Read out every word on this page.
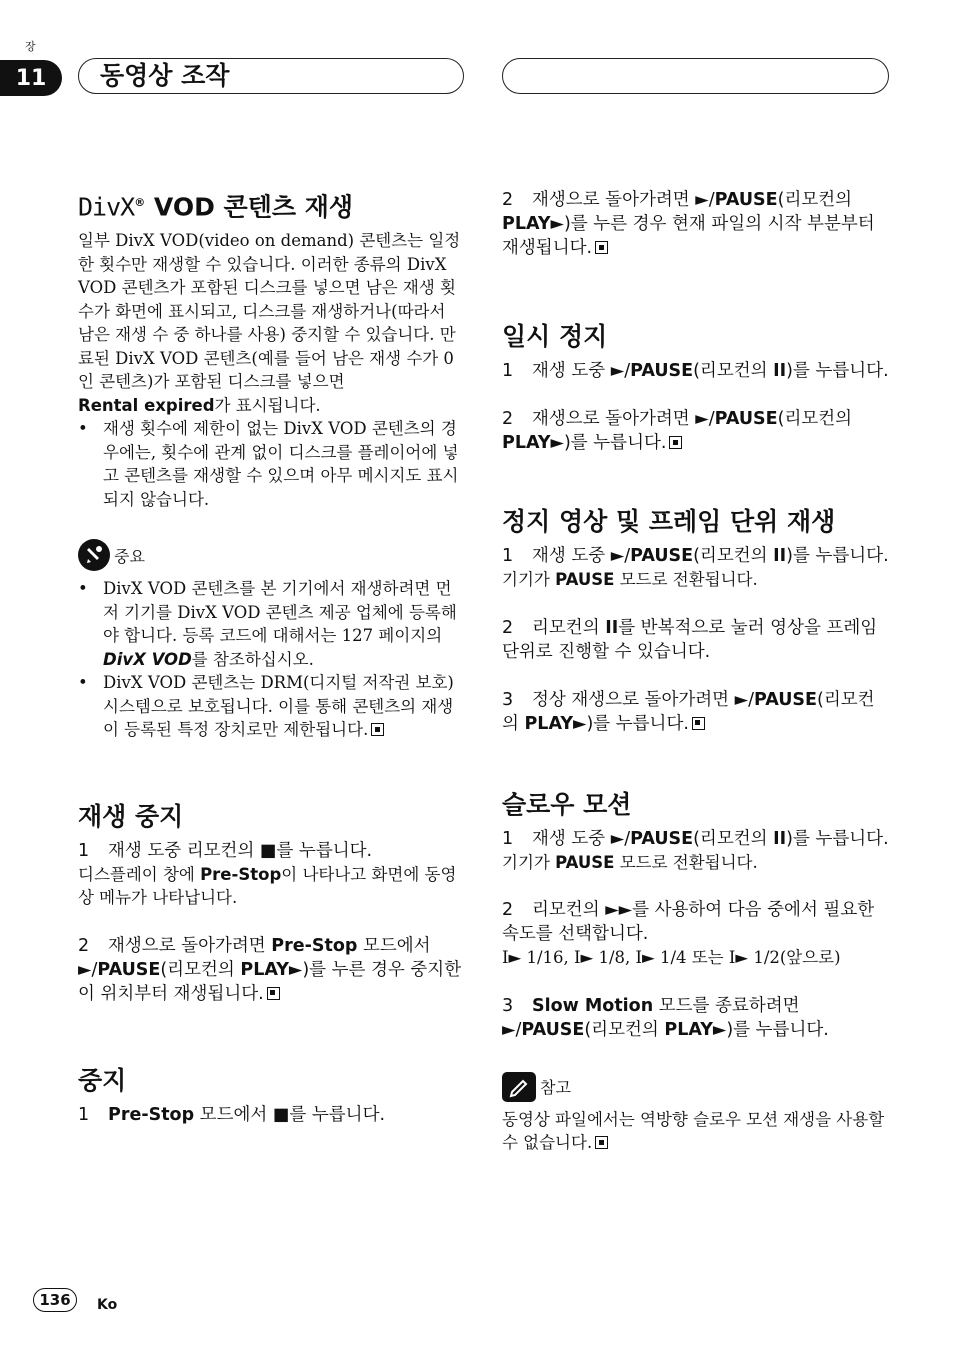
장
11	동영상 조작
DivX® VOD 콘텐츠 재생

일부 DivX VOD(video on demand) 콘텐츠는 일정한 횟수만 재생할 수 있습니다. 이러한 종류의 DivX VOD 콘텐츠가 포함된 디스크를 넣으면 남은 재생 횟수가 화면에 표시되고, 디스크를 재생하거나(따라서 남은 재생 수 중 하나를 사용) 중지할 수 있습니다. 만료된 DivX VOD 콘텐츠(예를 들어 남은 재생 수가 0인 콘텐츠)가 포함된 디스크를 넣으면

Rental expired가 표시됩니다.

• 재생 횟수에 제한이 없는 DivX VOD 콘텐츠의 경우에는, 횟수에 관계 없이 디스크를 플레이어에 넣고 콘텐츠를 재생할 수 있으며 아무 메시지도 표시되지 않습니다.
중요
• DivX VOD 콘텐츠를 본 기기에서 재생하려면 먼저 기기를 DivX VOD 콘텐츠 제공 업체에 등록해야 합니다. 등록 코드에 대해서는 127 페이지의 DivX VOD를 참조하십시오.
• DivX VOD 콘텐츠는 DRM(디지털 저작권 보호) 시스템으로 보호됩니다. 이를 통해 콘텐츠의 재생이 등록된 특정 장치로만 제한됩니다.
재생 중지

1 재생 도중 리모컨의 ■를 누릅니다.

디스플레이 창에 Pre-Stop이 나타나고 화면에 동영상 메뉴가 나타납니다.

2 재생으로 돌아가려면 Pre-Stop 모드에서 ►/PAUSE(리모컨의 PLAY►)를 누른 경우 중지한 이 위치부터 재생됩니다.

중지

1 Pre-Stop 모드에서 ■를 누릅니다.

2 재생으로 돌아가려면 ►/PAUSE(리모컨의 PLAY►)를 누른 경우 현재 파일의 시작 부분부터 재생됩니다.

일시 정지

1 재생 도중 ►/PAUSE(리모컨의 II)를 누릅니다.

2 재생으로 돌아가려면 ►/PAUSE(리모컨의 PLAY►)를 누릅니다.

정지 영상 및 프레임 단위 재생

1 재생 도중 ►/PAUSE(리모컨의 II)를 누릅니다.

기기가 PAUSE 모드로 전환됩니다.

2 리모컨의 II를 반복적으로 눌러 영상을 프레임 단위로 진행할 수 있습니다.

3 정상 재생으로 돌아가려면 ►/PAUSE(리모컨의 PLAY►)를 누릅니다.

슬로우 모션

1 재생 도중 ►/PAUSE(리모컨의 II)를 누릅니다.

기기가 PAUSE 모드로 전환됩니다.

2 리모컨의 ►►를 사용하여 다음 중에서 필요한 속도를 선택합니다.

I► 1/16, I► 1/8, I► 1/4 또는 I► 1/2(앞으로)

3 Slow Motion 모드를 종료하려면 ►/PAUSE(리모컨의 PLAY►)를 누릅니다.

참고

동영상 파일에서는 역방향 슬로우 모션 재생을 사용할 수 없습니다.

136	Ko
